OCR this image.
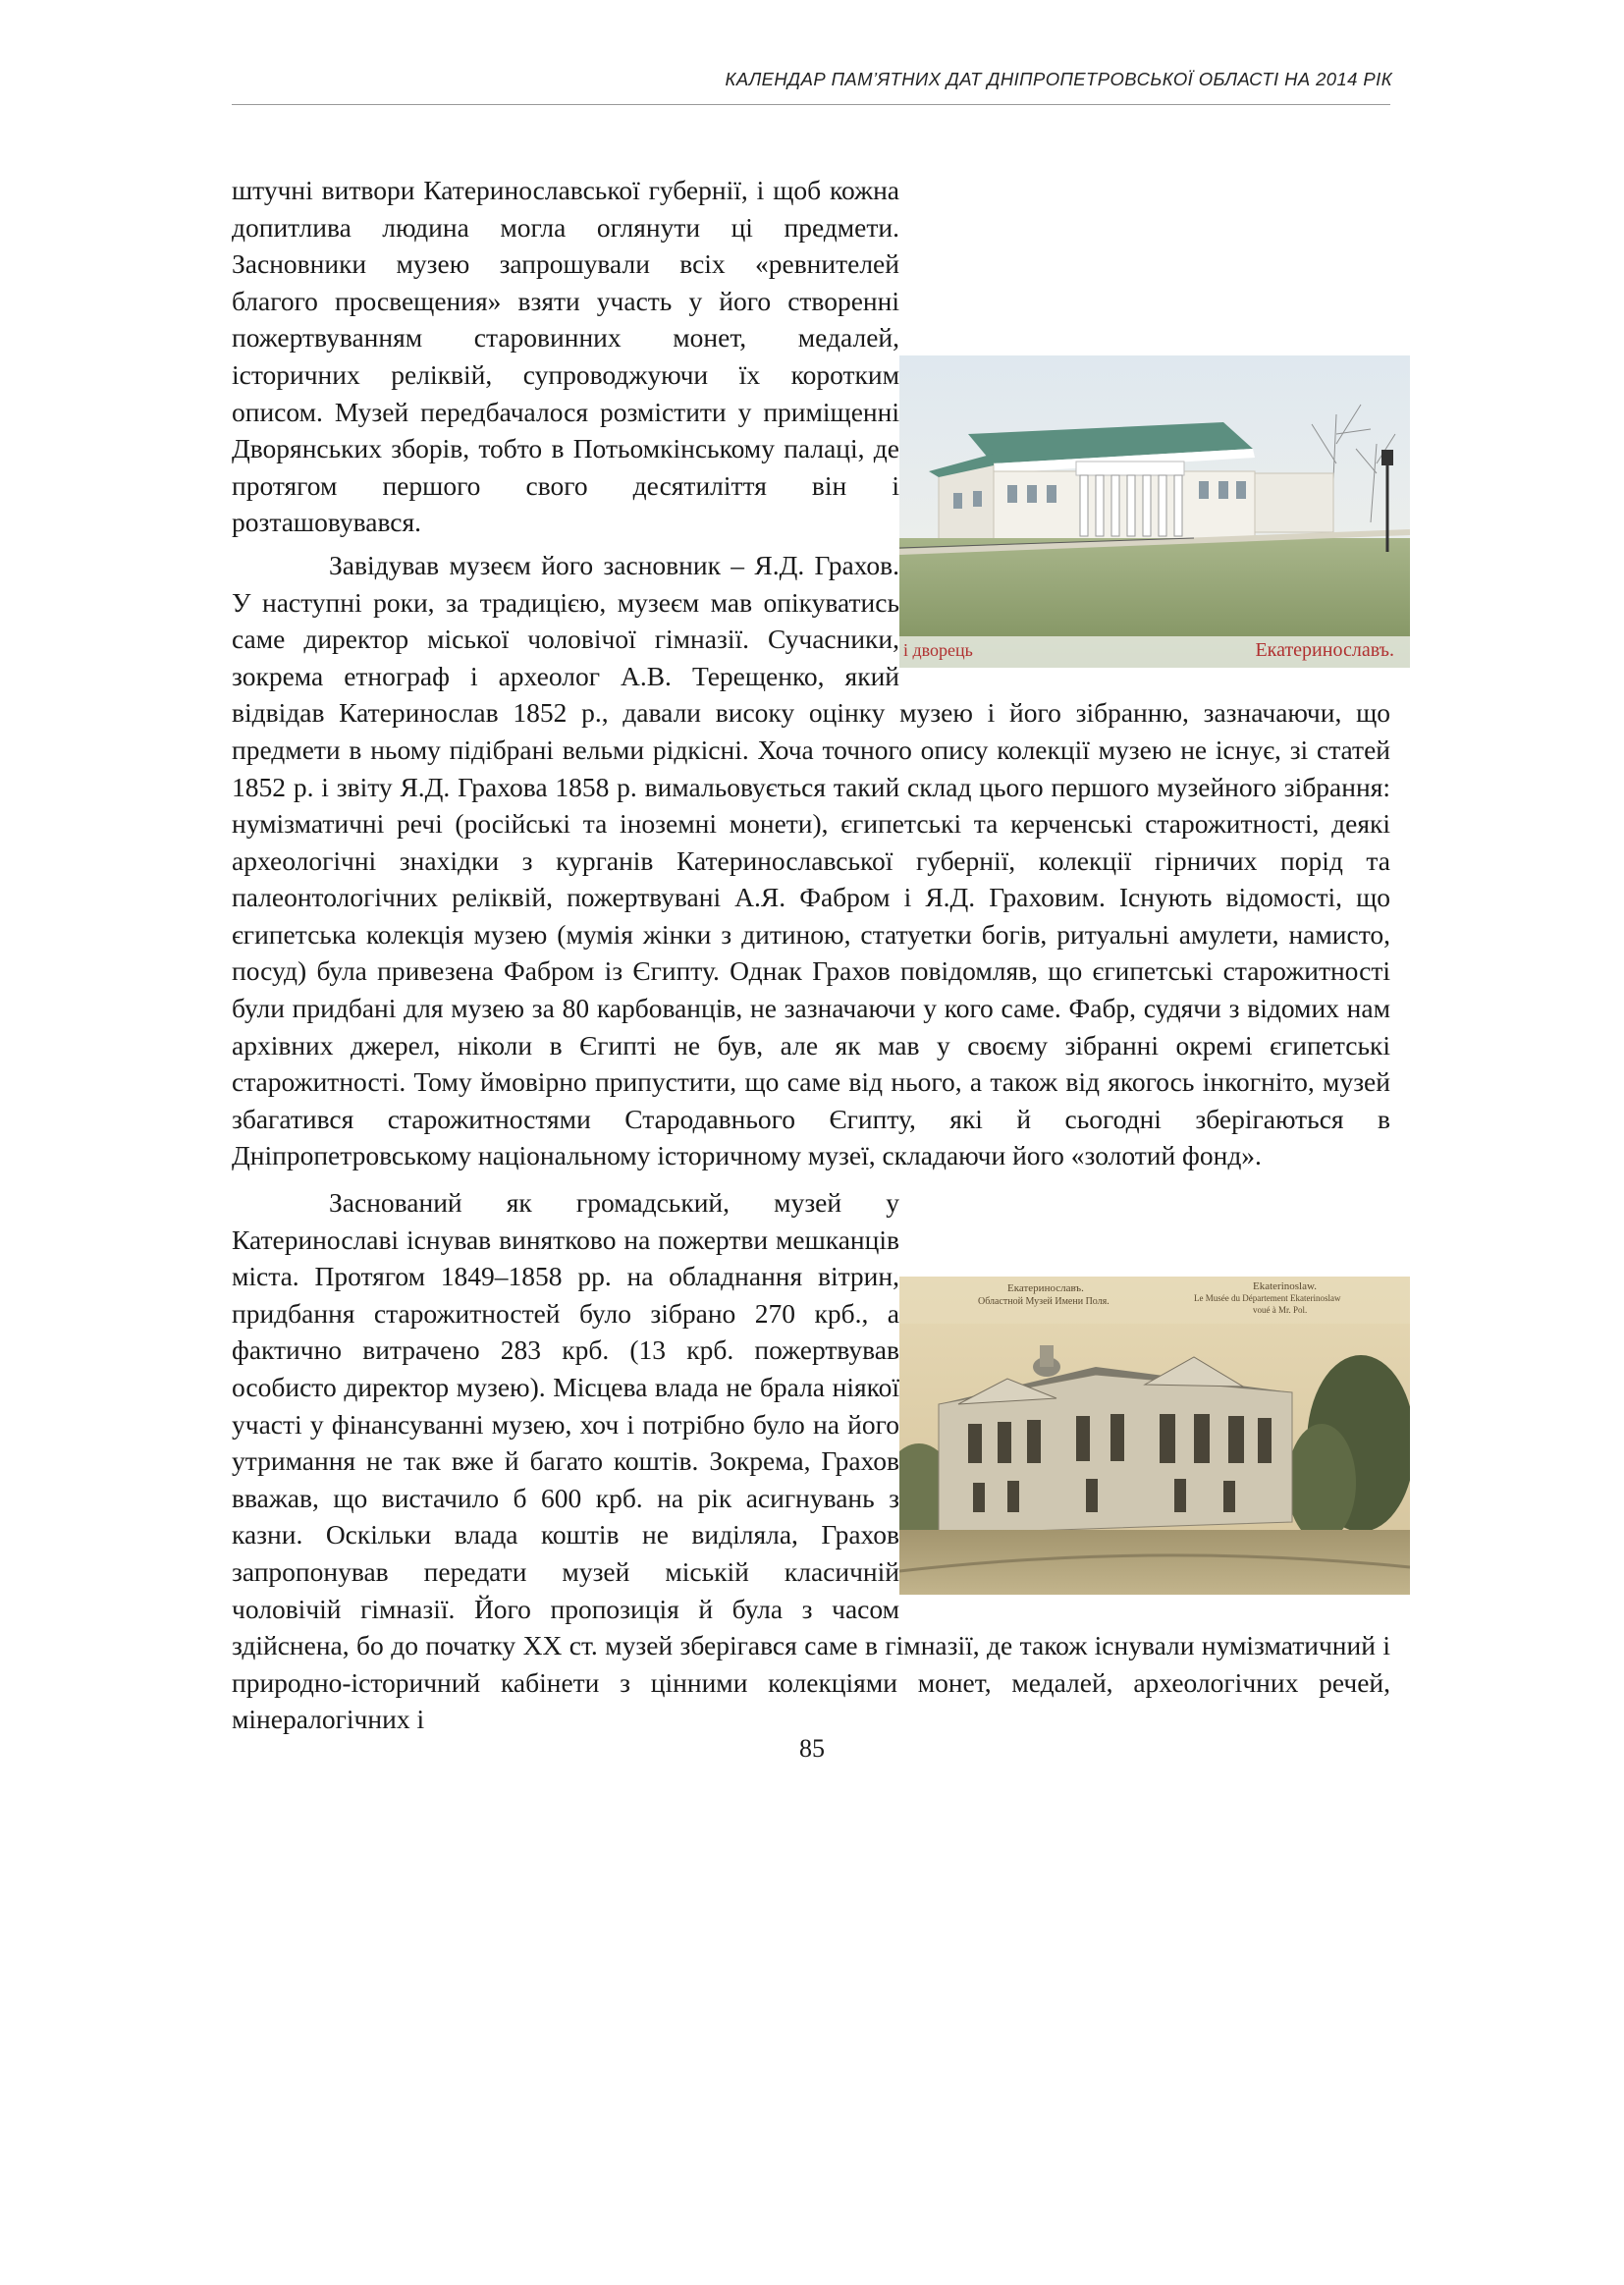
КАЛЕНДАР ПАМ’ЯТНИХ ДАТ ДНІПРОПЕТРОВСЬКОЇ ОБЛАСТІ НА 2014 РІК
і дворець	Екатеринославъ.
Екатеринославъ.
Областной Музей Имени Поля.
Ekaterinoslaw.
Le Musée du Département Ekaterinoslaw
voué à Mr. Pol.

штучні витвори Катеринославської губернії, і щоб кожна допитлива людина могла оглянути ці предмети. Засновники музею запрошували всіх «ревнителей благого просвещения» взяти участь у його створенні пожертвуванням старовинних монет, медалей, історичних реліквій, супроводжуючи їх коротким описом. Музей передбачалося розмістити у приміщенні Дворянських зборів, тобто в Потьомкінському палаці, де протягом першого свого десятиліття він і розташовувався.

Завідував музеєм його засновник – Я.Д. Грахов. У наступні роки, за традицією, музеєм мав опікуватись саме директор міської чоловічої гімназії. Сучасники, зокрема етнограф і археолог А.В. Терещенко, який відвідав Катеринослав 1852 р., давали високу оцінку музею і його зібранню, зазначаючи, що предмети в ньому підібрані вельми рідкісні. Хоча точного опису колекції музею не існує, зі статей 1852 р. і звіту Я.Д. Грахова 1858 р. вимальовується такий склад цього першого музейного зібрання: нумізматичні речі (російські та іноземні монети), єгипетські та керченські старожитності, деякі археологічні знахідки з курганів Катеринославської губернії, колекції гірничих порід та палеонтологічних реліквій, пожертвувані А.Я. Фабром і Я.Д. Граховим. Існують відомості, що єгипетська колекція музею (мумія жінки з дитиною, статуетки богів, ритуальні амулети, намисто, посуд) була привезена Фабром із Єгипту. Однак Грахов повідомляв, що єгипетські старожитності були придбані для музею за 80 карбованців, не зазначаючи у кого саме. Фабр, судячи з відомих нам архівних джерел, ніколи в Єгипті не був, але як мав у своєму зібранні окремі єгипетські старожитності. Тому ймовірно припустити, що саме від нього, а також від якогось інкогніто, музей збагатився старожитностями Стародавнього Єгипту, які й сьогодні зберігаються в Дніпропетровському національному історичному музеї, складаючи його «золотий фонд».

Заснований як громадський, музей у Катеринославі існував винятково на пожертви мешканців міста. Протягом 1849–1858 рр. на обладнання вітрин, придбання старожитностей було зібрано 270 крб., а фактично витрачено 283 крб. (13 крб. пожертвував особисто директор музею). Місцева влада не брала ніякої участі у фінансуванні музею, хоч і потрібно було на його утримання не так вже й багато коштів. Зокрема, Грахов вважав, що вистачило б 600 крб. на рік асигнувань з казни. Оскільки влада коштів не виділяла, Грахов запропонував передати музей міській класичній чоловічій гімназії. Його пропозиція й була з часом здійснена, бо до початку XX ст. музей зберігався саме в гімназії, де також існували нумізматичний і природно-історичний кабінети з цінними колекціями монет, медалей, археологічних речей, мінералогічних і

85
